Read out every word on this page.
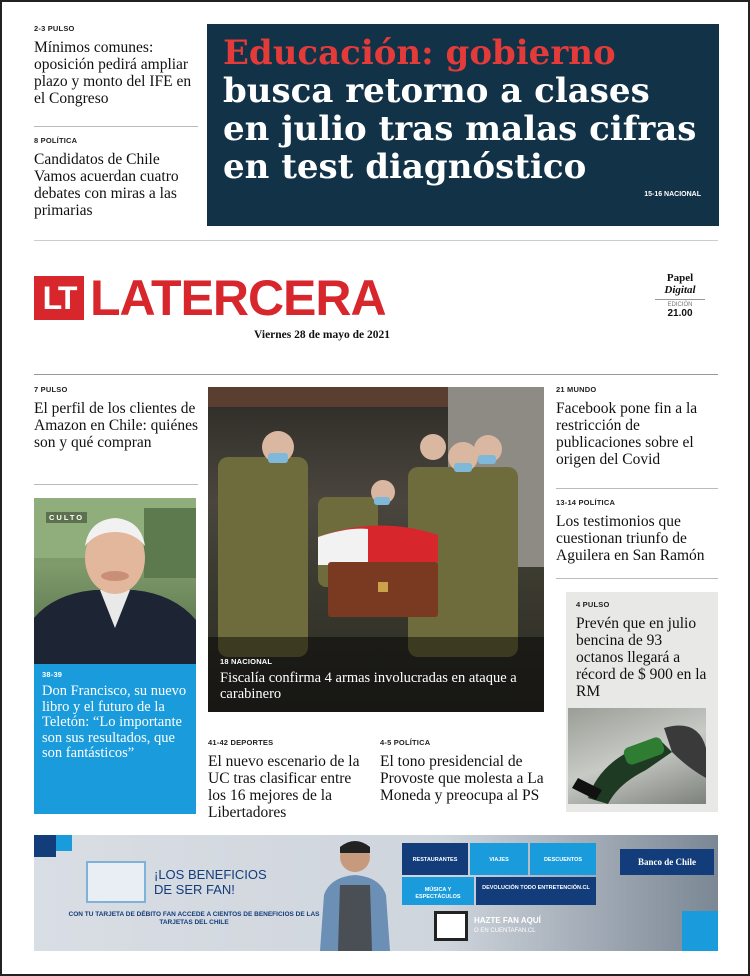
2-3 PULSO
Mínimos comunes: oposición pedirá ampliar plazo y monto del IFE en el Congreso
8 POLÍTICA
Candidatos de Chile Vamos acuerdan cuatro debates con miras a las primarias
Educación: gobierno
busca retorno a clases en julio tras malas cifras en test diagnóstico
15-16 NACIONAL
LT LATERCERA
Viernes 28 de mayo de 2021
Papel
Digital
EDICIÓN
21.00
7 PULSO
El perfil de los clientes de Amazon en Chile: quiénes son y qué compran
CULTO
38-39
Don Francisco, su nuevo libro y el futuro de la Teletón: “Lo importante son sus resultados, que son fantásticos”
18 NACIONAL
Fiscalía confirma 4 armas involucradas en ataque a carabinero
41-42 DEPORTES
El nuevo escenario de la UC tras clasificar entre los 16 mejores de la Libertadores
4-5 POLÍTICA
El tono presidencial de Provoste que molesta a La Moneda y preocupa al PS
21 MUNDO
Facebook pone fin a la restricción de publicaciones sobre el origen del Covid
13-14 POLÍTICA
Los testimonios que cuestionan triunfo de Aguilera en San Ramón
4 PULSO
Prevén que en julio bencina de 93 octanos llegará a récord de $ 900 en la RM
¡LOS BENEFICIOS
DE SER FAN!
CON TU TARJETA DE DÉBITO FAN ACCEDE A CIENTOS DE BENEFICIOS DE LAS TARJETAS DEL CHILE
RESTAURANTES	VIAJES	DESCUENTOS
MÚSICA Y ESPECTÁCULOS
DEVOLUCIÓN TODO ENTRETENCIÓN.CL
HAZTE FAN AQUÍ
O EN CUENTAFAN.CL
Banco de Chile
